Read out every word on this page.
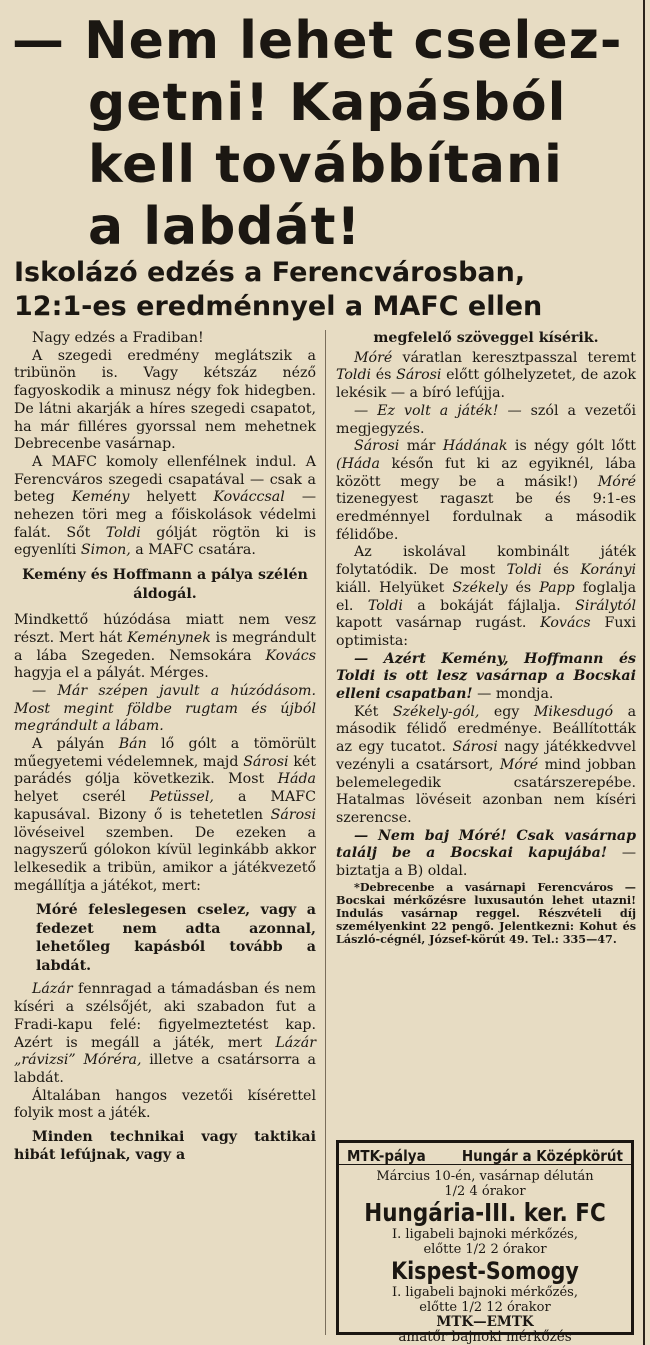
— Nem lehet cselez-
getni! Kapásból
kell továbbítani
a labdát!
Iskolázó edzés a Ferencvárosban,
12:1-es eredménnyel a MAFC ellen

Nagy edzés a Fradiban!

A szegedi eredmény meglátszik a tribünön is. Vagy kétszáz néző fagyoskodik a minusz négy fok hidegben. De látni akarják a híres szegedi csapatot, ha már filléres gyorssal nem mehetnek Debrecenbe vasárnap.

A MAFC komoly ellenfélnek indul. A Ferencváros szegedi csapatával — csak a beteg Kemény helyett Kováccsal — nehezen töri meg a főiskolások védelmi falát. Sőt Toldi gólját rögtön ki is egyenlíti Simon, a MAFC csatára.

Kemény és Hoffmann a pálya szélén áldogál.

Mindkettő húzódása miatt nem vesz részt. Mert hát Keménynek is megrándult a lába Szegeden. Nemsokára Kovács hagyja el a pályát. Mérges.

— Már szépen javult a húzódásom. Most megint földbe rugtam és újból megrándult a lábam.

A pályán Bán lő gólt a tömörült műegyetemi védelemnek, majd Sárosi két parádés gólja következik. Most Háda helyet cserél Petüssel, a MAFC kapusával. Bizony ő is tehetetlen Sárosi lövéseivel szemben. De ezeken a nagyszerű gólokon kívül leginkább akkor lelkesedik a tribün, amikor a játékvezető megállítja a játékot, mert:

Móré feleslegesen cselez, vagy a fedezet nem adta azonnal, lehetőleg kapásból tovább a labdát.

Lázár fennragad a támadásban és nem kíséri a szélsőjét, aki szabadon fut a Fradi-kapu felé: figyelmeztetést kap. Azért is megáll a játék, mert Lázár „rávizsi” Móréra, illetve a csatársorra a labdát.

Általában hangos vezetői kísérettel folyik most a játék.

Minden technikai vagy taktikai hibát lefújnak, vagy a

megfelelő szöveggel kísérik.

Móré váratlan keresztpasszal teremt Toldi és Sárosi előtt gólhelyzetet, de azok lekésik — a bíró lefújja.

— Ez volt a játék! — szól a vezetői megjegyzés.

Sárosi már Hádának is négy gólt lőtt (Háda későn fut ki az egyiknél, lába között megy be a másik!) Móré tizenegyest ragaszt be és 9:1-es eredménnyel fordulnak a második félidőbe.

Az iskolával kombinált játék folytatódik. De most Toldi és Korányi kiáll. Helyüket Székely és Papp foglalja el. Toldi a bokáját fájlalja. Sirálytól kapott vasárnap rugást. Kovács Fuxi optimista:

— Azért Kemény, Hoffmann és Toldi is ott lesz vasárnap a Bocskai elleni csapatban! — mondja.

Két Székely-gól, egy Mikesdugó a második félidő eredménye. Beállították az egy tucatot. Sárosi nagy játékkedvvel vezényli a csatársort, Móré mind jobban belemelegedik csatárszerepébe. Hatalmas lövéseit azonban nem kíséri szerencse.

— Nem baj Móré! Csak vasárnap találj be a Bocskai kapujába! — biztatja a B) oldal.

*Debrecenbe a vasárnapi Ferencváros —Bocskai mérkőzésre luxusautón lehet utazni! Indulás vasárnap reggel. Részvételi díj személyenkint 22 pengő. Jelentkezni: Kohut és László-cégnél, József-körút 49. Tel.: 335—47.

MTK-pálya Hungár a Középkörút
Március 10-én, vasárnap délután
1/2 4 órakor
Hungária-III. ker. FC
I. ligabeli bajnoki mérkőzés,
előtte 1/2 2 órakor
Kispest-Somogy
I. ligabeli bajnoki mérkőzés,
előtte 1/2 12 órakor
MTK—EMTK
amatőr bajnoki mérkőzés
